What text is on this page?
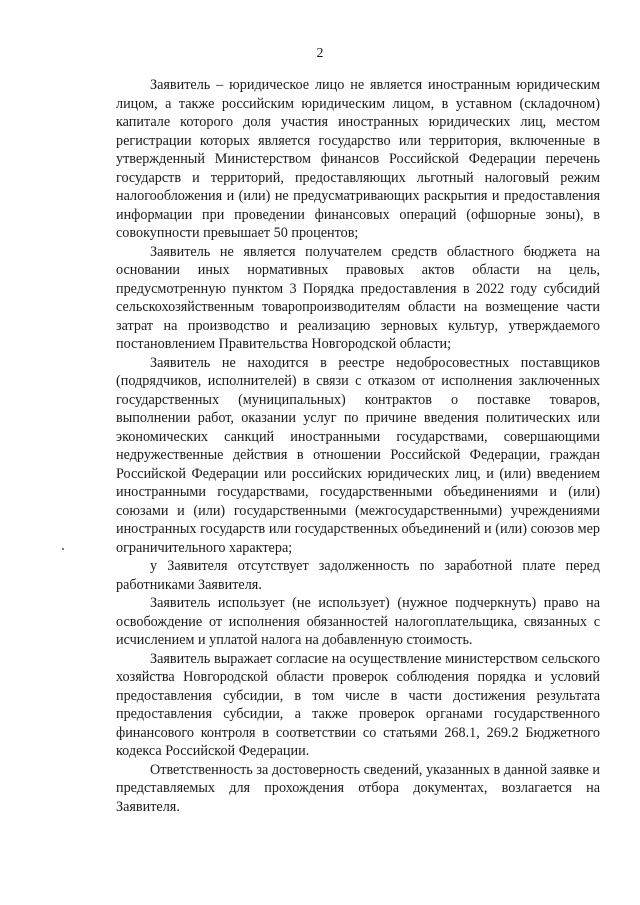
2

Заявитель – юридическое лицо не является иностранным юридическим лицом, а также российским юридическим лицом, в уставном (складочном) капитале которого доля участия иностранных юридических лиц, местом регистрации которых является государство или территория, включенные в утвержденный Министерством финансов Российской Федерации перечень государств и территорий, предоставляющих льготный налоговый режим налогообложения и (или) не предусматривающих раскрытия и предоставления информации при проведении финансовых операций (офшорные зоны), в совокупности превышает 50 процентов;

Заявитель не является получателем средств областного бюджета на основании иных нормативных правовых актов области на цель, предусмотренную пунктом 3 Порядка предоставления в 2022 году субсидий сельскохозяйственным товаропроизводителям области на возмещение части затрат на производство и реализацию зерновых культур, утверждаемого постановлением Правительства Новгородской области;

Заявитель не находится в реестре недобросовестных поставщиков (подрядчиков, исполнителей) в связи с отказом от исполнения заключенных государственных (муниципальных) контрактов о поставке товаров, выполнении работ, оказании услуг по причине введения политических или экономических санкций иностранными государствами, совершающими недружественные действия в отношении Российской Федерации, граждан Российской Федерации или российских юридических лиц, и (или) введением иностранными государствами, государственными объединениями и (или) союзами и (или) государственными (межгосударственными) учреждениями иностранных государств или государственных объединений и (или) союзов мер ограничительного характера;

у Заявителя отсутствует задолженность по заработной плате перед работниками Заявителя.

Заявитель использует (не использует) (нужное подчеркнуть) право на освобождение от исполнения обязанностей налогоплательщика, связанных с исчислением и уплатой налога на добавленную стоимость.

Заявитель выражает согласие на осуществление министерством сельского хозяйства Новгородской области проверок соблюдения порядка и условий предоставления субсидии, в том числе в части достижения результата предоставления субсидии, а также проверок органами государственного финансового контроля в соответствии со статьями 268.1, 269.2 Бюджетного кодекса Российской Федерации.

Ответственность за достоверность сведений, указанных в данной заявке и представляемых для прохождения отбора документах, возлагается на Заявителя.
